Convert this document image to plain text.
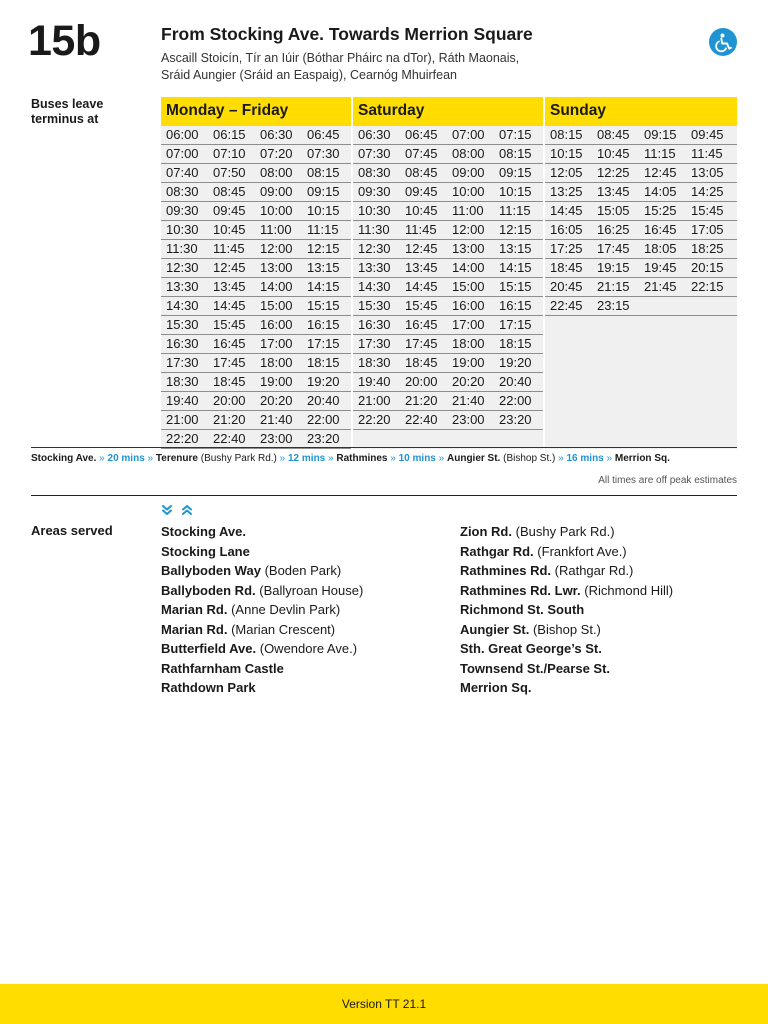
15b	From Stocking Ave. Towards Merrion Square
Ascaill Stoicín, Tír an Iúir (Bóthar Pháirc na dTor), Ráth Maonais,
Sráid Aungier (Sráid an Easpaig), Cearnóg Mhuirfean
Buses leave
terminus at	Monday – Friday
06:00	06:15	06:30	06:45
07:00	07:10	07:20	07:30
07:40	07:50	08:00	08:15
08:30	08:45	09:00	09:15
09:30	09:45	10:00	10:15
10:30	10:45	11:00	11:15
11:30	11:45	12:00	12:15
12:30	12:45	13:00	13:15
13:30	13:45	14:00	14:15
14:30	14:45	15:00	15:15
15:30	15:45	16:00	16:15
16:30	16:45	17:00	17:15
17:30	17:45	18:00	18:15
18:30	18:45	19:00	19:20
19:40	20:00	20:20	20:40
21:00	21:20	21:40	22:00
22:20	22:40	23:00	23:20
Saturday
06:30	06:45	07:00	07:15
07:30	07:45	08:00	08:15
08:30	08:45	09:00	09:15
09:30	09:45	10:00	10:15
10:30	10:45	11:00	11:15
11:30	11:45	12:00	12:15
12:30	12:45	13:00	13:15
13:30	13:45	14:00	14:15
14:30	14:45	15:00	15:15
15:30	15:45	16:00	16:15
16:30	16:45	17:00	17:15
17:30	17:45	18:00	18:15
18:30	18:45	19:00	19:20
19:40	20:00	20:20	20:40
21:00	21:20	21:40	22:00
22:20	22:40	23:00	23:20
Sunday
08:15	08:45	09:15	09:45
10:15	10:45	11:15	11:45
12:05	12:25	12:45	13:05
13:25	13:45	14:05	14:25
14:45	15:05	15:25	15:45
16:05	16:25	16:45	17:05
17:25	17:45	18:05	18:25
18:45	19:15	19:45	20:15
20:45	21:15	21:45	22:15
22:45	23:15
Stocking Ave. » 20 mins » Terenure (Bushy Park Rd.) » 12 mins » Rathmines » 10 mins » Aungier St. (Bishop St.) » 16 mins » Merrion Sq.
All times are off peak estimates
Areas served	Stocking Ave.
Stocking Lane
Ballyboden Way (Boden Park)
Ballyboden Rd. (Ballyroan House)
Marian Rd. (Anne Devlin Park)
Marian Rd. (Marian Crescent)
Butterfield Ave. (Owendore Ave.)
Rathfarnham Castle
Rathdown Park
Zion Rd. (Bushy Park Rd.)
Rathgar Rd. (Frankfort Ave.)
Rathmines Rd. (Rathgar Rd.)
Rathmines Rd. Lwr. (Richmond Hill)
Richmond St. South
Aungier St. (Bishop St.)
Sth. Great George’s St.
Townsend St./Pearse St.
Merrion Sq.
Version TT 21.1
